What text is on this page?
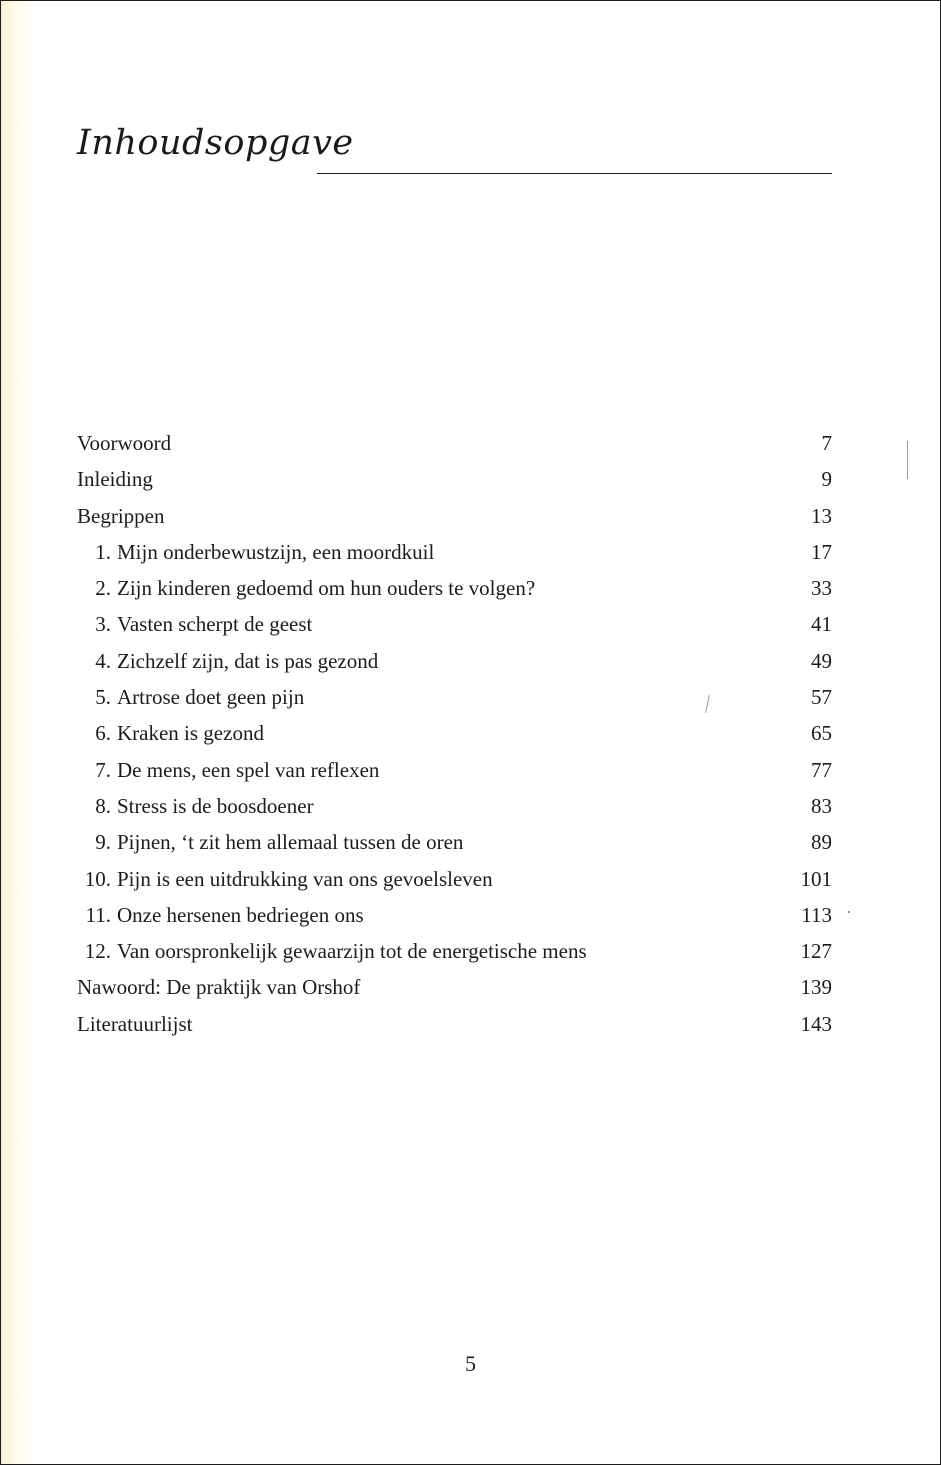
Inhoudsopgave
Voorwoord	7
Inleiding	9
Begrippen	13
1. Mijn onderbewustzijn, een moordkuil	17
2. Zijn kinderen gedoemd om hun ouders te volgen?	33
3. Vasten scherpt de geest	41
4. Zichzelf zijn, dat is pas gezond	49
5. Artrose doet geen pijn	57
6. Kraken is gezond	65
7. De mens, een spel van reflexen	77
8. Stress is de boosdoener	83
9. Pijnen, ‘t zit hem allemaal tussen de oren	89
10. Pijn is een uitdrukking van ons gevoelsleven	101
11. Onze hersenen bedriegen ons	113
12. Van oorspronkelijk gewaarzijn tot de energetische mens	127
Nawoord: De praktijk van Orshof	139
Literatuurlijst	143
5
